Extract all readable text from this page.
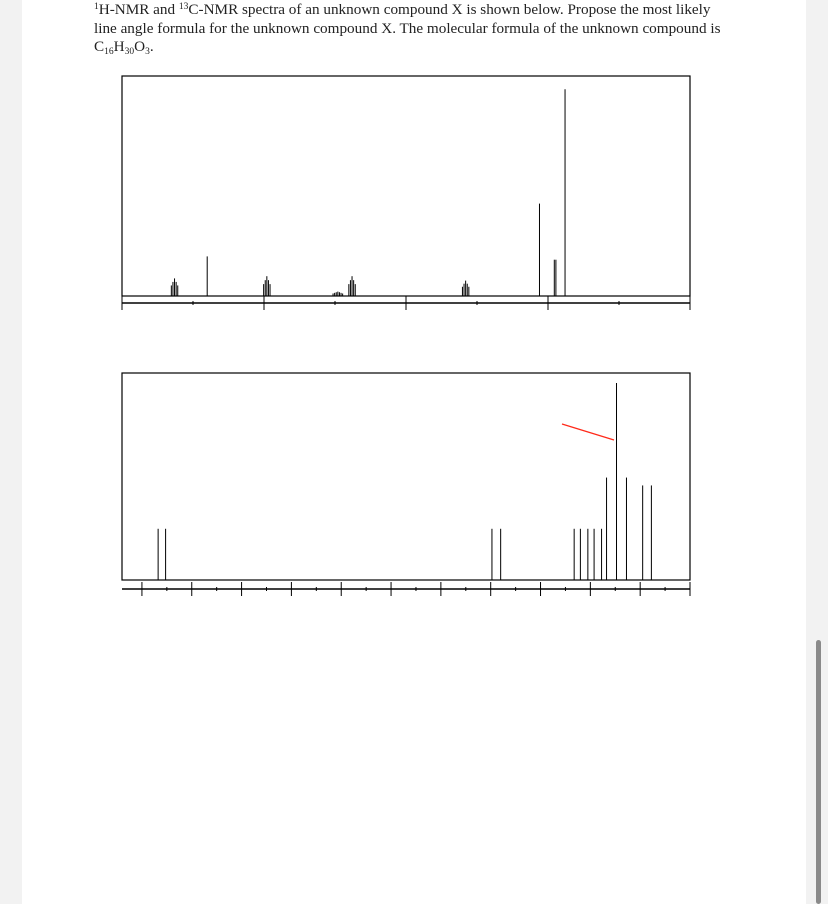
$^1$H-NMR and $^{13}$C-NMR spectra of an unknown compound X is shown below. Propose the most likely line angle formula for the unknown compound X. The molecular formula of the unknown compound is $C_{16}H_{30}O_3$.
